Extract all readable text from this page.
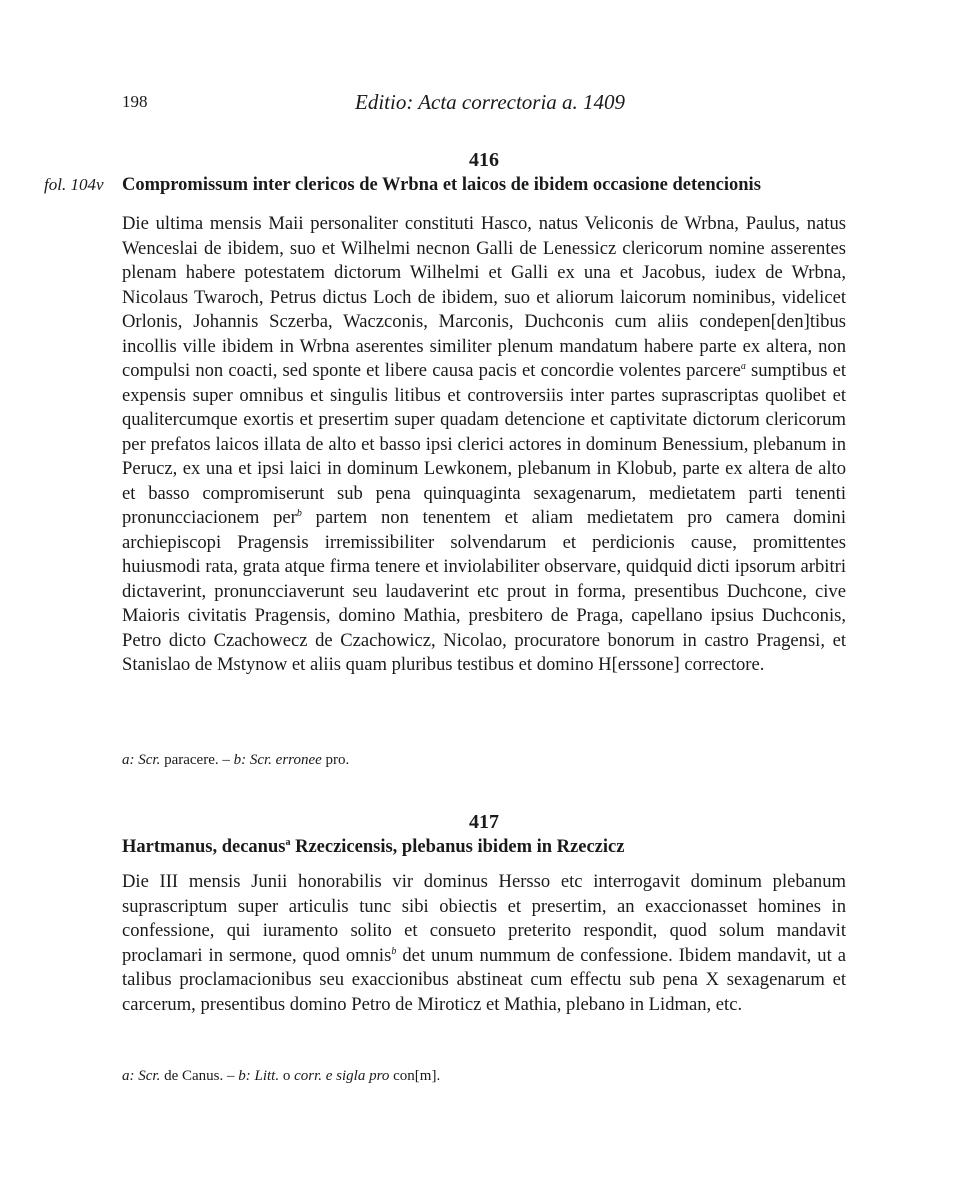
198	Editio: Acta correctoria a. 1409

416

fol. 104v Compromissum inter clericos de Wrbna et laicos de ibidem occasione detencionis

Die ultima mensis Maii personaliter constituti Hasco, natus Veliconis de Wrbna, Paulus, natus Wenceslai de ibidem, suo et Wilhelmi necnon Galli de Lenessicz clericorum nomine asserentes plenam habere potestatem dictorum Wilhelmi et Galli ex una et Jacobus, iudex de Wrbna, Nicolaus Twaroch, Petrus dictus Loch de ibidem, suo et aliorum laicorum nominibus, videlicet Orlonis, Johannis Sczerba, Waczconis, Marconis, Duchconis cum aliis condepen[den]tibus incollis ville ibidem in Wrbna aserentes similiter plenum mandatum habere parte ex altera, non compulsi non coacti, sed sponte et libere causa pacis et concordie volentes parcere$^a$ sumptibus et expensis super omnibus et singulis litibus et controversiis inter partes suprascriptas quolibet et qualitercumque exortis et presertim super quadam detencione et captivitate dictorum clericorum per prefatos laicos illata de alto et basso ipsi clerici actores in dominum Benessium, plebanum in Perucz, ex una et ipsi laici in dominum Lewkonem, plebanum in Klobub, parte ex altera de alto et basso compromiserunt sub pena quinquaginta sexagenarum, medietatem parti tenenti pronuncciacionem per$^b$ partem non tenentem et aliam medietatem pro camera domini archiepiscopi Pragensis irremissibiliter solvendarum et perdicionis cause, promittentes huiusmodi rata, grata atque firma tenere et inviolabiliter observare, quidquid dicti ipsorum arbitri dictaverint, pronuncciaverunt seu laudaverint etc prout in forma, presentibus Duchcone, cive Maioris civitatis Pragensis, domino Mathia, presbitero de Praga, capellano ipsius Duchconis, Petro dicto Czachowecz de Czachowicz, Nicolao, procuratore bonorum in castro Pragensi, et Stanislao de Mstynow et aliis quam pluribus testibus et domino H[erssone] correctore.

a: Scr. paracere. – b: Scr. erronee pro.

417

Hartmanus, decanus$^a$ Rzeczicensis, plebanus ibidem in Rzeczicz

Die III mensis Junii honorabilis vir dominus Hersso etc interrogavit dominum plebanum suprascriptum super articulis tunc sibi obiectis et presertim, an exaccionasset homines in confessione, qui iuramento solito et consueto preterito respondit, quod solum mandavit proclamari in sermone, quod omnis$^b$ det unum nummum de confessione. Ibidem mandavit, ut a talibus proclamacionibus seu exaccionibus abstineat cum effectu sub pena X sexagenarum et carcerum, presentibus domino Petro de Miroticz et Mathia, plebano in Lidman, etc.

a: Scr. de Canus. – b: Litt. o corr. e sigla pro con[m].
